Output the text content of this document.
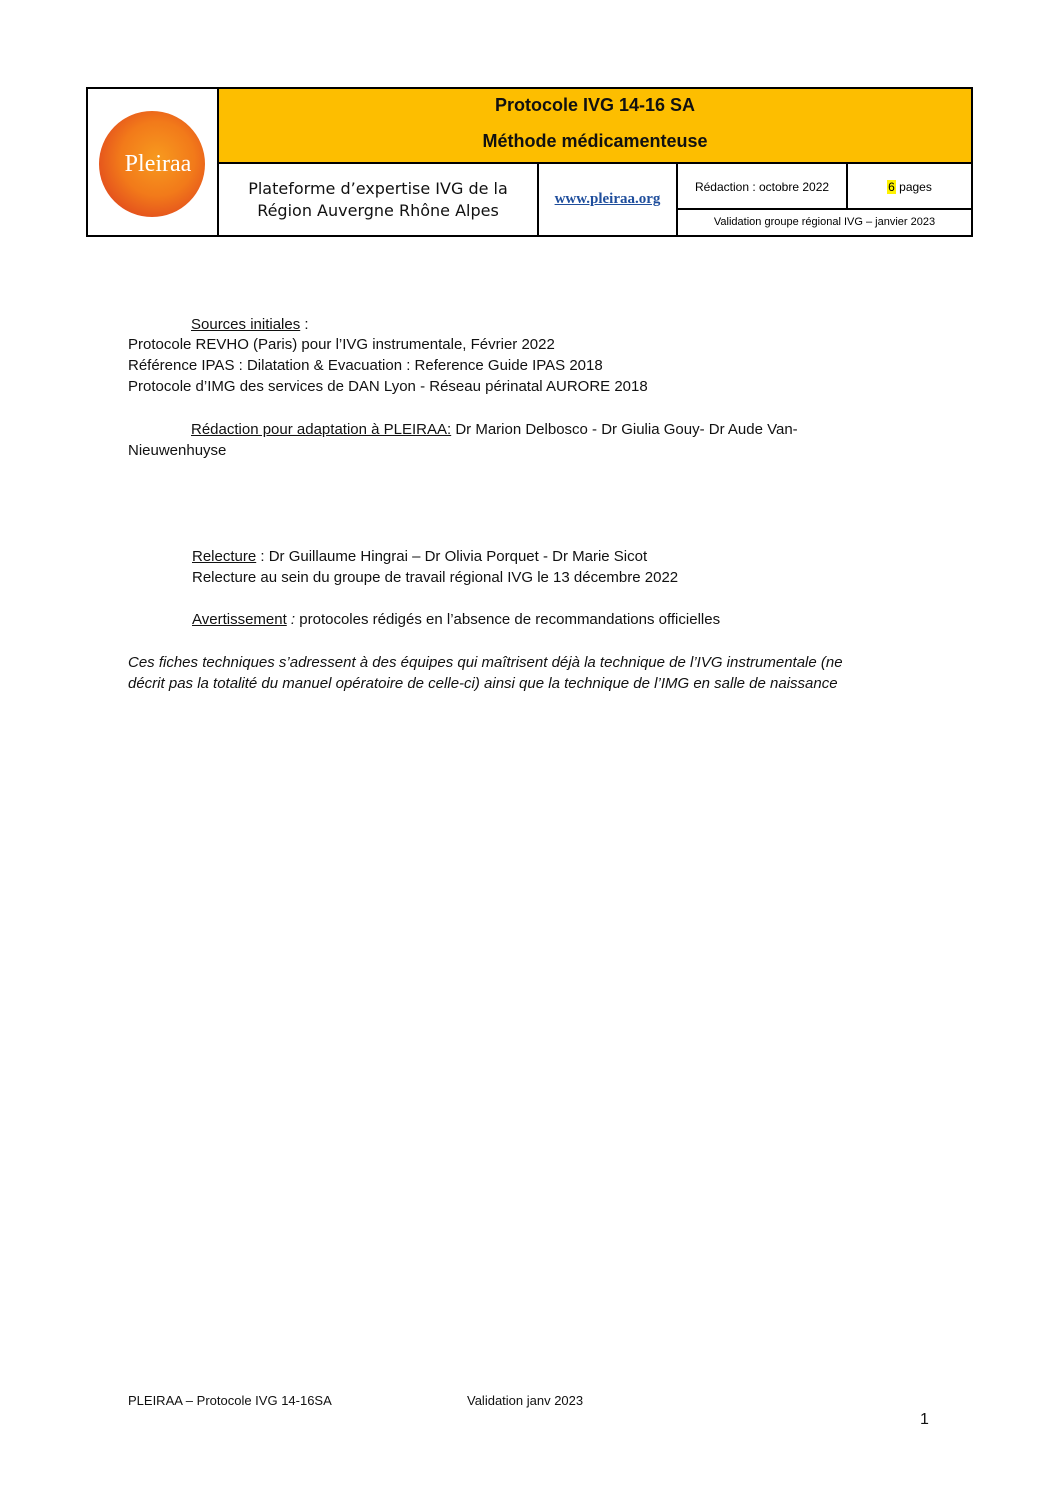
Pleiraa
Protocole IVG 14-16 SA
Méthode médicamenteuse
Plateforme d’expertise IVG de la
Région Auvergne Rhône Alpes
www.pleiraa.org
Rédaction : octobre 2022	6 pages
Validation groupe régional IVG – janvier 2023
Sources initiales :
Protocole REVHO (Paris) pour l’IVG instrumentale, Février 2022
Référence IPAS : Dilatation & Evacuation : Reference Guide IPAS 2018
Protocole d’IMG des services de DAN Lyon - Réseau périnatal AURORE 2018
Rédaction pour adaptation à PLEIRAA: Dr Marion Delbosco - Dr Giulia Gouy- Dr Aude Van-
Nieuwenhuyse
Relecture : Dr Guillaume Hingrai – Dr Olivia Porquet - Dr Marie Sicot
Relecture au sein du groupe de travail régional IVG le 13 décembre 2022
Avertissement : protocoles rédigés en l’absence de recommandations officielles
Ces fiches techniques s’adressent à des équipes qui maîtrisent déjà la technique de l’IVG instrumentale (ne
décrit pas la totalité du manuel opératoire de celle-ci) ainsi que la technique de l’IMG en salle de naissance
PLEIRAA – Protocole IVG 14-16SA	Validation janv 2023
1
